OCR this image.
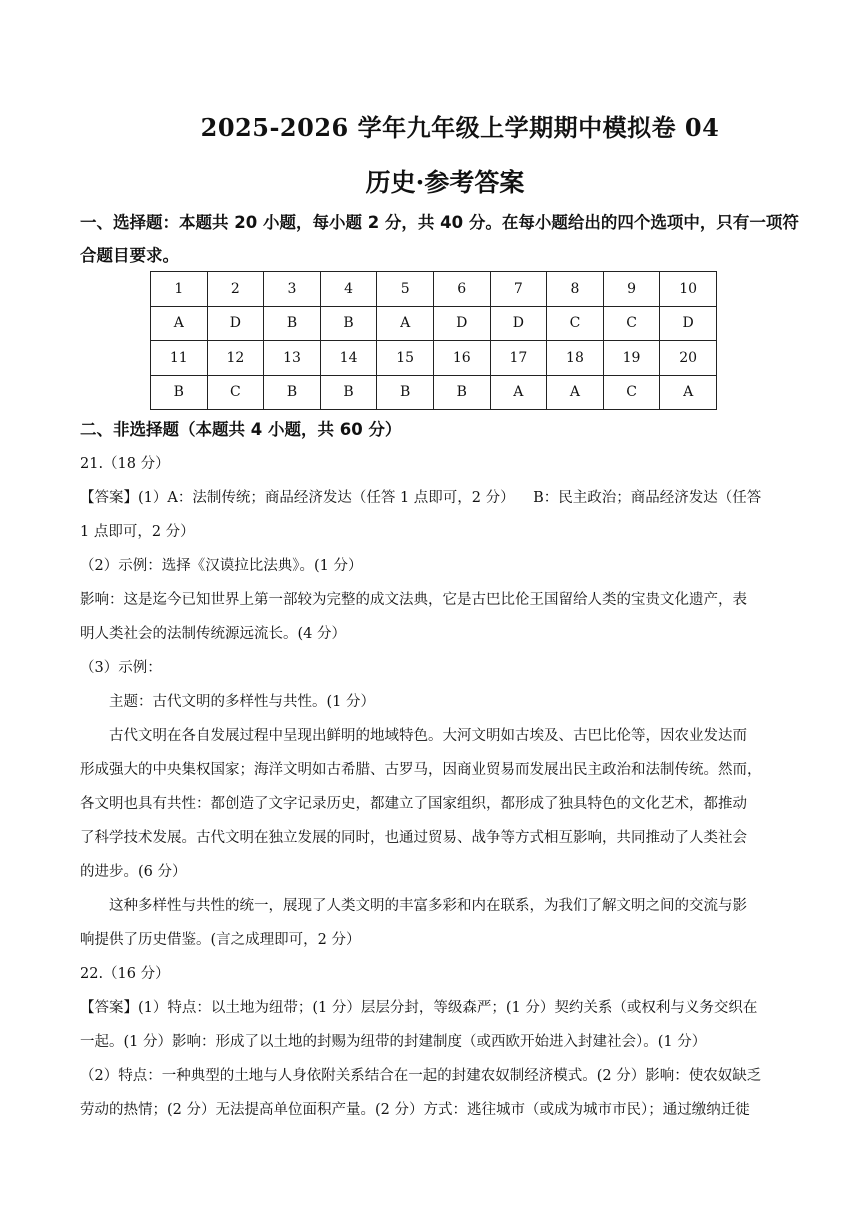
2025-2026 学年九年级上学期期中模拟卷 04
历史·参考答案
一、选择题：本题共 20 小题，每小题 2 分，共 40 分。在每小题给出的四个选项中，只有一项符合题目要求。
1	2	3	4	5	6	7	8	9	10
A	D	B	B	A	D	D	C	C	D
11	12	13	14	15	16	17	18	19	20
B	C	B	B	B	B	A	A	C	A
二、非选择题（本题共 4 小题，共 60 分）
21.（18 分）
【答案】(1）A：法制传统；商品经济发达（任答 1 点即可，2 分）    B：民主政治；商品经济发达（任答
1 点即可，2 分）
（2）示例：选择《汉谟拉比法典》。(1 分）
影响：这是迄今已知世界上第一部较为完整的成文法典，它是古巴比伦王国留给人类的宝贵文化遗产，表
明人类社会的法制传统源远流长。(4 分）
（3）示例：
主题：古代文明的多样性与共性。(1 分）
古代文明在各自发展过程中呈现出鲜明的地域特色。大河文明如古埃及、古巴比伦等，因农业发达而
形成强大的中央集权国家；海洋文明如古希腊、古罗马，因商业贸易而发展出民主政治和法制传统。然而，
各文明也具有共性：都创造了文字记录历史，都建立了国家组织，都形成了独具特色的文化艺术，都推动
了科学技术发展。古代文明在独立发展的同时，也通过贸易、战争等方式相互影响，共同推动了人类社会
的进步。(6 分）
这种多样性与共性的统一，展现了人类文明的丰富多彩和内在联系，为我们了解文明之间的交流与影
响提供了历史借鉴。(言之成理即可，2 分）
22.（16 分）
【答案】(1）特点：以土地为纽带；(1 分）层层分封，等级森严；(1 分）契约关系（或权利与义务交织在
一起。(1 分）影响：形成了以土地的封赐为纽带的封建制度（或西欧开始进入封建社会）。(1 分）
（2）特点：一种典型的土地与人身依附关系结合在一起的封建农奴制经济模式。(2 分）影响：使农奴缺乏
劳动的热情；(2 分）无法提高单位面积产量。(2 分）方式：逃往城市（或成为城市市民）；通过缴纳迁徙
